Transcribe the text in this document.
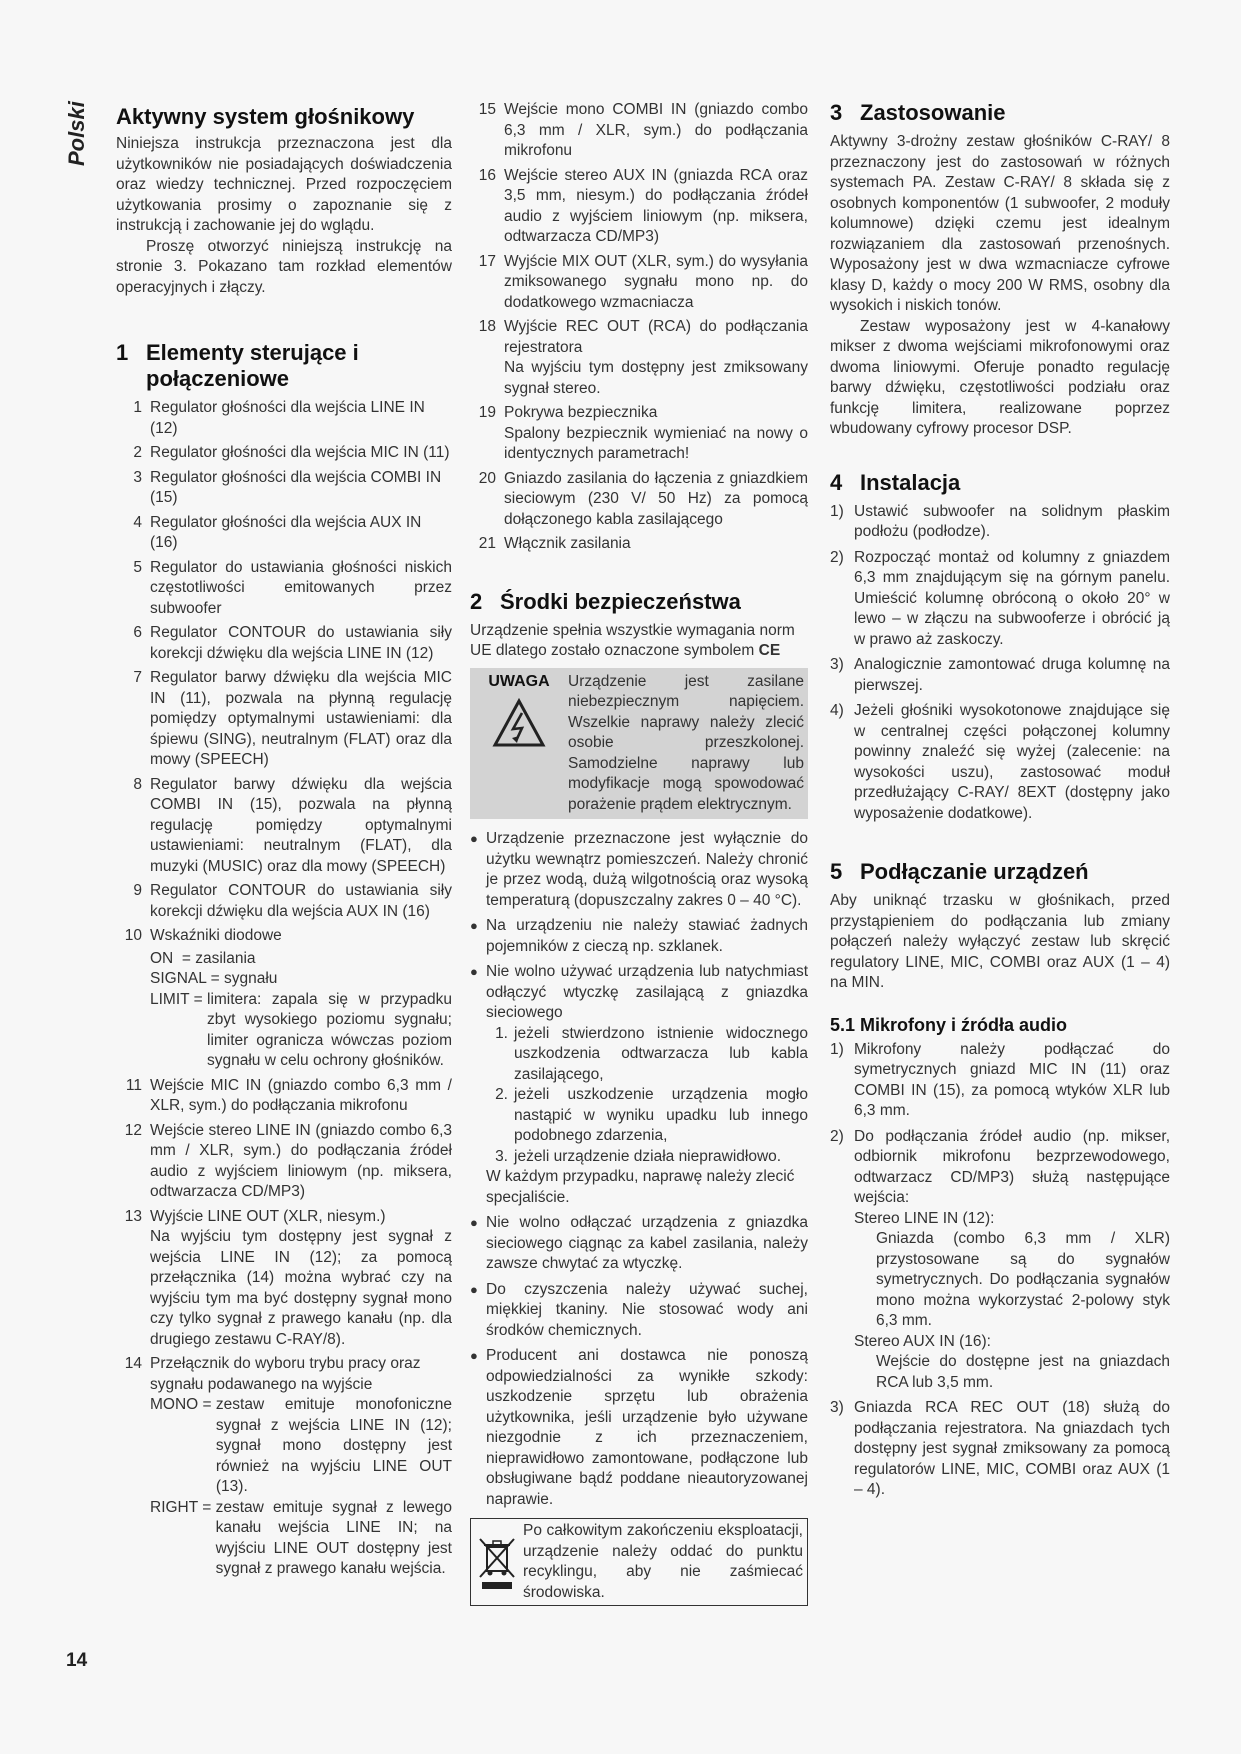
Polski Aktywny system głośnikowy

Niniejsza instrukcja przeznaczona jest dla użytkowników nie posiadających doświadczenia oraz wiedzy technicznej. Przed rozpoczęciem użytkowania prosimy o zapoznanie się z instrukcją i zachowanie jej do wglądu.

Proszę otworzyć niniejszą instrukcję na stronie 3. Pokazano tam rozkład elementów operacyjnych i złączy.

1 Elementy sterujące i połączeniowe
1 Regulator głośności dla wejścia LINE IN (12)
2 Regulator głośności dla wejścia MIC IN (11)
3 Regulator głośności dla wejścia COMBI IN (15)
4 Regulator głośności dla wejścia AUX IN (16)
5 Regulator do ustawiania głośności niskich częstotliwości emitowanych przez subwoofer
6 Regulator CONTOUR do ustawiania siły korekcji dźwięku dla wejścia LINE IN (12)
7 Regulator barwy dźwięku dla wejścia MIC IN (11), pozwala na płynną regulację pomiędzy optymalnymi ustawieniami: dla śpiewu (SING), neutralnym (FLAT) oraz dla mowy (SPEECH)
8 Regulator barwy dźwięku dla wejścia COMBI IN (15), pozwala na płynną regulację pomiędzy optymalnymi ustawieniami: neutralnym (FLAT), dla muzyki (MUSIC) oraz dla mowy (SPEECH)
9 Regulator CONTOUR do ustawiania siły korekcji dźwięku dla wejścia AUX IN (16)
10 Wskaźniki diodowe
ON  = zasilania
SIGNAL = sygnału
LIMIT = limitera: zapala się w przypadku zbyt wysokiego poziomu sygnału; limiter ogranicza wówczas poziom sygnału w celu ochrony głośników.
11 Wejście MIC IN (gniazdo combo 6,3 mm / XLR, sym.) do podłączania mikrofonu
12 Wejście stereo LINE IN (gniazdo combo 6,3 mm / XLR, sym.) do podłączania źródeł audio z wyjściem liniowym (np. miksera, odtwarzacza CD/MP3)
13 Wyjście LINE OUT (XLR, niesym.)
Na wyjściu tym dostępny jest sygnał z wejścia LINE IN (12); za pomocą przełącznika (14) można wybrać czy na wyjściu tym ma być dostępny sygnał mono czy tylko sygnał z prawego kanału (np. dla drugiego zestawu C-RAY/8).
14 Przełącznik do wyboru trybu pracy oraz sygnału podawanego na wyjście
MONO = zestaw emituje monofoniczne sygnał z wejścia LINE IN (12); sygnał mono dostępny jest również na wyjściu LINE OUT (13).
RIGHT = zestaw emituje sygnał z lewego kanału wejścia LINE IN; na wyjściu LINE OUT dostępny jest sygnał z prawego kanału wejścia.
15 Wejście mono COMBI IN (gniazdo combo 6,3 mm / XLR, sym.) do podłączania mikrofonu
16 Wejście stereo AUX IN (gniazda RCA oraz 3,5 mm, niesym.) do podłączania źródeł audio z wyjściem liniowym (np. miksera, odtwarzacza CD/MP3)
17 Wyjście MIX OUT (XLR, sym.) do wysyłania zmiksowanego sygnału mono np. do dodatkowego wzmacniacza
18 Wyjście REC OUT (RCA) do podłączania rejestratora
Na wyjściu tym dostępny jest zmiksowany sygnał stereo.
19 Pokrywa bezpiecznika
Spalony bezpiecznik wymieniać na nowy o identycznych parametrach!
20 Gniazdo zasilania do łączenia z gniazdkiem sieciowym (230 V/ 50 Hz) za pomocą dołączonego kabla zasilającego
21 Włącznik zasilania
2 Środki bezpieczeństwa

Urządzenie spełnia wszystkie wymagania norm UE dlatego zostało oznaczone symbolem CE

UWAGA	Urządzenie jest zasilane niebezpiecznym napięciem. Wszelkie naprawy należy zlecić osobie przeszkolonej. Samodzielne naprawy lub modyfikacje mogą spowodować porażenie prądem elektrycznym.
● Urządzenie przeznaczone jest wyłącznie do użytku wewnątrz pomieszczeń. Należy chronić je przez wodą, dużą wilgotnością oraz wysoką temperaturą (dopuszczalny zakres 0 – 40 °C).
● Na urządzeniu nie należy stawiać żadnych pojemników z cieczą np. szklanek.
● Nie wolno używać urządzenia lub natychmiast odłączyć wtyczkę zasilającą z gniazdka sieciowego
1. jeżeli stwierdzono istnienie widocznego uszkodzenia odtwarzacza lub kabla zasilającego,
2. jeżeli uszkodzenie urządzenia mogło nastąpić w wyniku upadku lub innego podobnego zdarzenia,
3. jeżeli urządzenie działa nieprawidłowo.
W każdym przypadku, naprawę należy zlecić specjaliście.
● Nie wolno odłączać urządzenia z gniazdka sieciowego ciągnąc za kabel zasilania, należy zawsze chwytać za wtyczkę.
● Do czyszczenia należy używać suchej, miękkiej tkaniny. Nie stosować wody ani środków chemicznych.
● Producent ani dostawca nie ponoszą odpowiedzialności za wynikłe szkody: uszkodzenie sprzętu lub obrażenia użytkownika, jeśli urządzenie było używane niezgodnie z ich przeznaczeniem, nieprawidłowo zamontowane, podłączone lub obsługiwane bądź poddane nieautoryzowanej naprawie.
Po całkowitym zakończeniu eksploatacji, urządzenie należy oddać do punktu recyklingu, aby nie zaśmiecać środowiska.
3 Zastosowanie

Aktywny 3-drożny zestaw głośników C-RAY/ 8 przeznaczony jest do zastosowań w różnych systemach PA. Zestaw C-RAY/ 8 składa się z osobnych komponentów (1 subwoofer, 2 moduły kolumnowe) dzięki czemu jest idealnym rozwiązaniem dla zastosowań przenośnych. Wyposażony jest w dwa wzmacniacze cyfrowe klasy D, każdy o mocy 200 W RMS, osobny dla wysokich i niskich tonów.

Zestaw wyposażony jest w 4-kanałowy mikser z dwoma wejściami mikrofonowymi oraz dwoma liniowymi. Oferuje ponadto regulację barwy dźwięku, częstotliwości podziału oraz funkcję limitera, realizowane poprzez wbudowany cyfrowy procesor DSP.

4 Instalacja
1) Ustawić subwoofer na solidnym płaskim podłożu (podłodze).
2) Rozpocząć montaż od kolumny z gniazdem 6,3 mm znajdującym się na górnym panelu. Umieścić kolumnę obróconą o około 20° w lewo – w złączu na subwooferze i obrócić ją w prawo aż zaskoczy.
3) Analogicznie zamontować druga kolumnę na pierwszej.
4) Jeżeli głośniki wysokotonowe znajdujące się w centralnej części połączonej kolumny powinny znaleźć się wyżej (zalecenie: na wysokości uszu), zastosować moduł przedłużający C-RAY/ 8EXT (dostępny jako wyposażenie dodatkowe).
5 Podłączanie urządzeń

Aby uniknąć trzasku w głośnikach, przed przystąpieniem do podłączania lub zmiany połączeń należy wyłączyć zestaw lub skręcić regulatory LINE, MIC, COMBI oraz AUX (1 – 4) na MIN.

5.1 Mikrofony i źródła audio
1) Mikrofony należy podłączać do symetrycznych gniazd MIC IN (11) oraz COMBI IN (15), za pomocą wtyków XLR lub 6,3 mm.
2) Do podłączania źródeł audio (np. mikser, odbiornik mikrofonu bezprzewodowego, odtwarzacz CD/MP3) służą następujące wejścia:
Stereo LINE IN (12):
Gniazda (combo 6,3 mm / XLR) przystosowane są do sygnałów symetrycznych. Do podłączania sygnałów mono można wykorzystać 2-polowy styk 6,3 mm.
Stereo AUX IN (16):
Wejście do dostępne jest na gniazdach RCA lub 3,5 mm.
3) Gniazda RCA REC OUT (18) służą do podłączania rejestratora. Na gniazdach tych dostępny jest sygnał zmiksowany za pomocą regulatorów LINE, MIC, COMBI oraz AUX (1 – 4).
14
